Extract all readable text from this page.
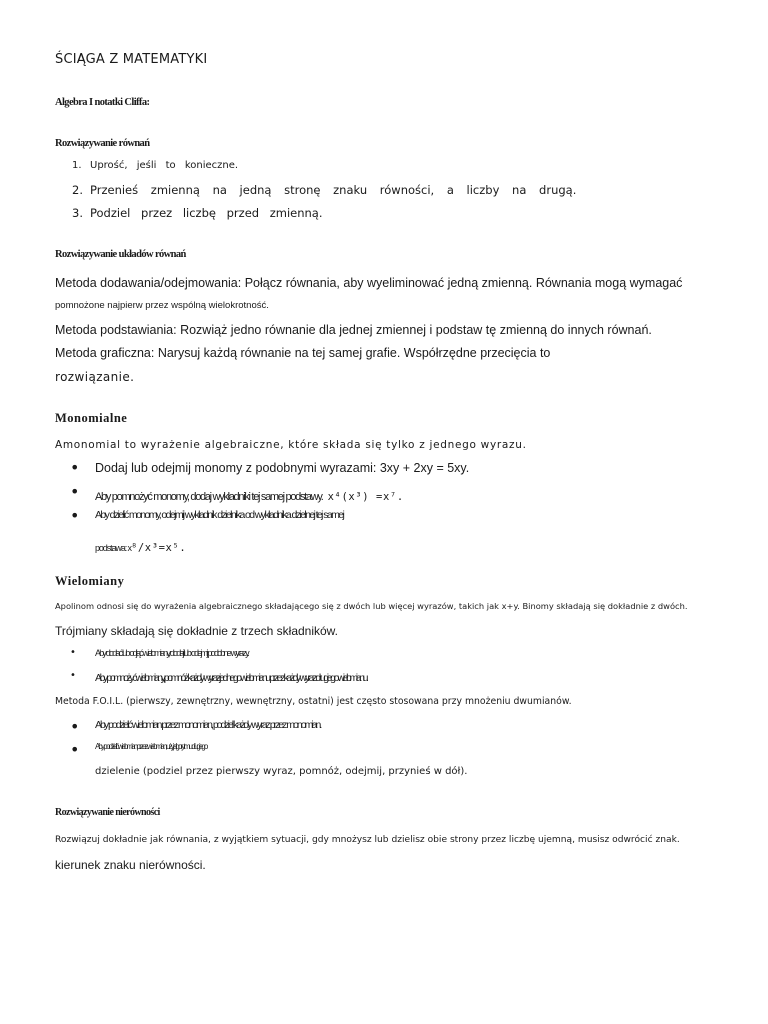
ŚCIĄGA Z MATEMATYKI
Algebra I notatki Cliffa:
Rozwiązywanie równań
1. Uprość, jeśli to konieczne.
2. Przenieś zmienną na jedną stronę znaku równości, a liczby na drugą.
3. Podziel przez liczbę przed zmienną.
Rozwiązywanie układów równań
Metoda dodawania/odejmowania: Połącz równania, aby wyeliminować jedną zmienną. Równania mogą wymagać
pomnożone najpierw przez wspólną wielokrotność.
Metoda podstawiania: Rozwiąż jedno równanie dla jednej zmiennej i podstaw tę zmienną do innych równań.
Metoda graficzna: Narysuj każdą równanie na tej samej grafie. Współrzędne przecięcia to
rozwiązanie.
Monomialne
Amonomial to wyrażenie algebraiczne, które składa się tylko z jednego wyrazu.
• Dodaj lub odejmij monomy z podobnymi wyrazami: 3xy + 2xy = 5xy.
• Aby pomnożyć monomy, dodaj wykładniki tej samej podstawy. x⁴(x³) =x⁷.
• Aby dzielić monomy, odejmij wykładnik dzielnika od wykładnika dzielnej tej samej
podstawa: x⁸/x³=x⁵.
Wielomiany
Apolinom odnosi się do wyrażenia algebraicznego składającego się z dwóch lub więcej wyrazów, takich jak x+y. Binomy składają się dokładnie z dwóch.
Trójmiany składają się dokładnie z trzech składników.
• Aby dodać lub odjąć wielomiany, dodaj lub odejmij podobne wyrazy.
• Aby pomnożyć wielomiany, pomnóż każdy wyraz jednego wielomianu przez każdy wyraz drugiego wielomianu.
Metoda F.O.I.L. (pierwszy, zewnętrzny, wewnętrzny, ostatni) jest często stosowana przy mnożeniu dwumianów.
• Aby podzielić wielomian przez monomian, podziel każdy wyraz przez monomian.
• Aby podzielić wielomian przez wielomian, użyj algorytmu długiego
dzielenie (podziel przez pierwszy wyraz, pomnóż, odejmij, przynieś w dół).
Rozwiązywanie nierówności
Rozwiązuj dokładnie jak równania, z wyjątkiem sytuacji, gdy mnożysz lub dzielisz obie strony przez liczbę ujemną, musisz odwrócić znak.
kierunek znaku nierówności.
